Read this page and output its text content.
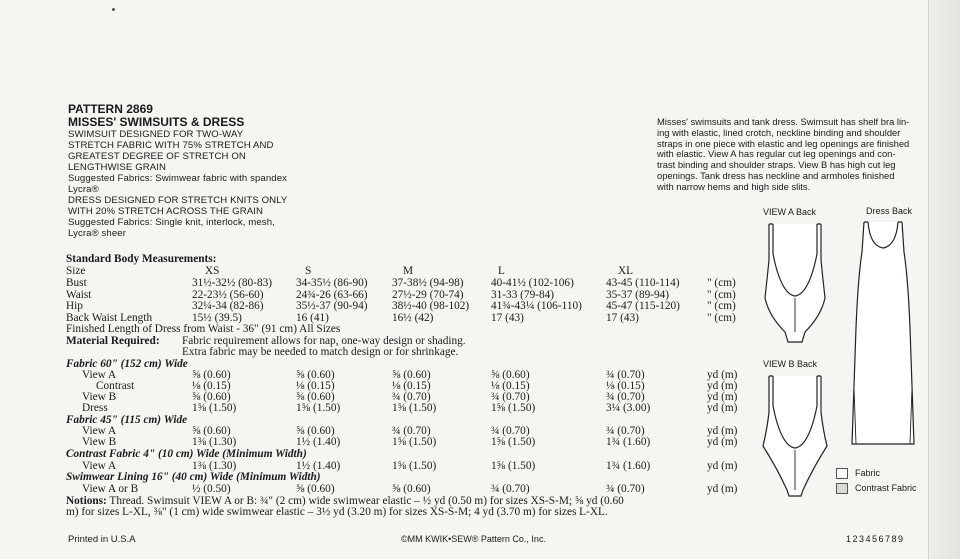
PATTERN 2869
MISSES' SWIMSUITS & DRESS
SWIMSUIT DESIGNED FOR TWO-WAY
STRETCH FABRIC WITH 75% STRETCH AND
GREATEST DEGREE OF STRETCH ON
LENGTHWISE GRAIN
Suggested Fabrics: Swimwear fabric with spandex
Lycra®
DRESS DESIGNED FOR STRETCH KNITS ONLY
WITH 20% STRETCH ACROSS THE GRAIN
Suggested Fabrics: Single knit, interlock, mesh,
Lycra® sheer
Misses' swimsuits and tank dress. Swimsuit has shelf bra lin-
ing with elastic, lined crotch, neckline binding and shoulder
straps in one piece with elastic and leg openings are finished
with elastic. View A has regular cut leg openings and con-
trast binding and shoulder straps. View B has high cut leg
openings. Tank dress has neckline and armholes finished
with narrow hems and high side slits.
VIEW A Back	Dress Back
VIEW B Back
Standard Body Measurements:
Size	XS	S	M	L	XL
Bust	31½-32½ (80-83) 34-35½ (86-90) 37-38½ (94-98) 40-41½ (102-106)	43-45 (110-114) " (cm)
Waist	22-23½ (56-60)	24¾-26 (63-66) 27½-29 (70-74) 31-33 (79-84)	35-37 (89-94)	" (cm)
Hip	32¼-34 (82-86)	35½-37 (90-94) 38½-40 (98-102) 41¾-43¼ (106-110) 45-47 (115-120) " (cm)
Back Waist Length	15½ (39.5)	16 (41)	16½ (42)	17 (43)	17 (43)	" (cm)
Finished Length of Dress from Waist - 36" (91 cm) All Sizes
Material Required: Fabric requirement allows for nap, one-way design or shading.
Extra fabric may be needed to match design or for shrinkage.
Fabric 60" (152 cm) Wide
View A	⅝ (0.60)	⅝ (0.60)	⅝ (0.60)	⅝ (0.60)	¾ (0.70)	yd (m)
Contrast	⅛ (0.15)	⅛ (0.15)	⅛ (0.15)	⅛ (0.15)	⅛ (0.15)	yd (m)
View B	⅝ (0.60)	⅝ (0.60)	¾ (0.70)	¾ (0.70)	¾ (0.70)	yd (m)
Dress	1⅝ (1.50)	1⅝ (1.50)	1⅝ (1.50)	1⅝ (1.50)	3¼ (3.00)	yd (m)
Fabric 45" (115 cm) Wide
View A	⅝ (0.60)	⅝ (0.60)	¾ (0.70)	¾ (0.70)	¾ (0.70)	yd (m)
View B	1⅜ (1.30)	1½ (1.40)	1⅝ (1.50)	1⅝ (1.50)	1¾ (1.60)	yd (m)
Contrast Fabric 4" (10 cm) Wide (Minimum Width)
View A	1⅜ (1.30)	1½ (1.40)	1⅝ (1.50)	1⅝ (1.50)	1¾ (1.60)	yd (m)
Swimwear Lining 16" (40 cm) Wide (Minimum Width)
View A or B	½ (0.50)	⅝ (0.60)	⅝ (0.60)	¾ (0.70)	¾ (0.70)	yd (m)
Notions: Thread. Swimsuit VIEW A or B: ¾" (2 cm) wide swimwear elastic – ½ yd (0.50 m) for sizes XS-S-M; ⅝ yd (0.60
m) for sizes L-XL, ⅜" (1 cm) wide swimwear elastic – 3½ yd (3.20 m) for sizes XS-S-M; 4 yd (3.70 m) for sizes L-XL.
Fabric
Contrast Fabric
Printed in U.S.A	©MM KWIK•SEW® Pattern Co., Inc.	123456789
